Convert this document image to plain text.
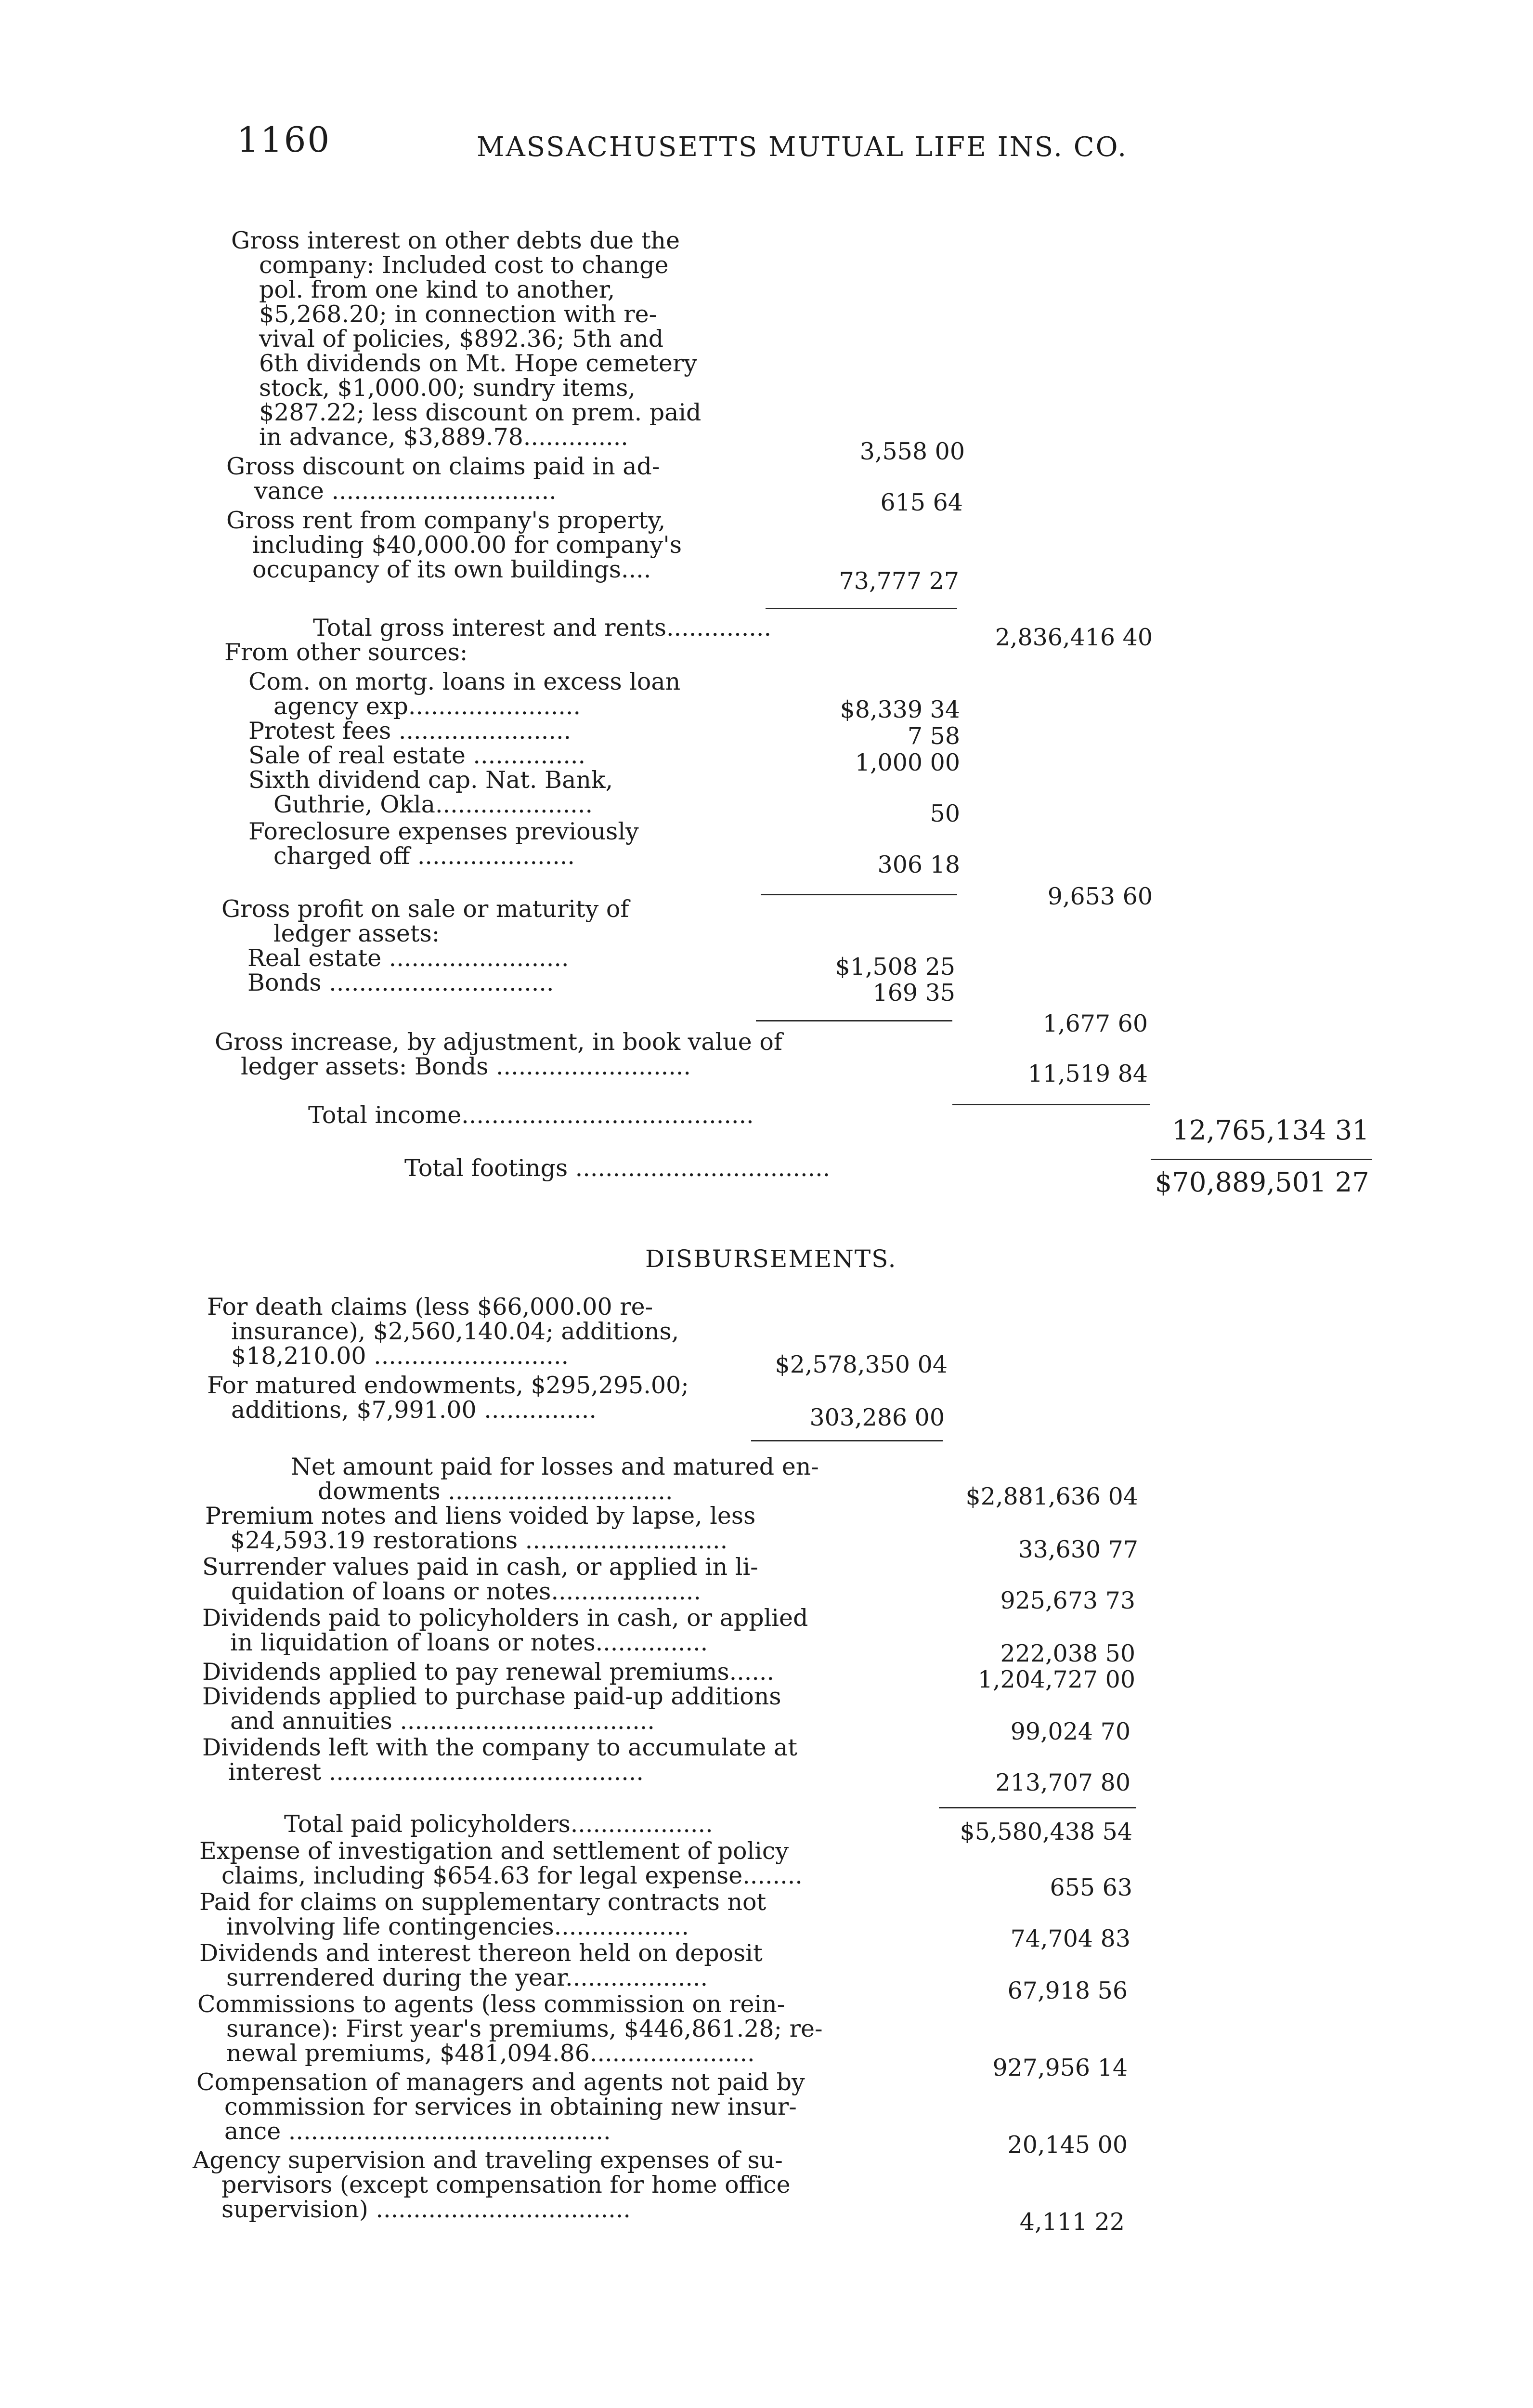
1160	MASSACHUSETTS MUTUAL LIFE INS. CO.
Gross interest on other debts due the
company: Included cost to change
pol. from one kind to another,
$5,268.20; in connection with re-
vival of policies, $892.36; 5th and
6th dividends on Mt. Hope cemetery
stock, $1,000.00; sundry items,
$287.22; less discount on prem. paid
in advance, $3,889.78..............
3,558 00
Gross discount on claims paid in ad-
vance ..............................	615 64
Gross rent from company's property,
including $40,000.00 for company's
occupancy of its own buildings....	73,777 27
Total gross interest and rents..............	2,836,416 40
From other sources:
Com. on mortg. loans in excess loan
agency exp.......................	$8,339 34
Protest fees .......................	7 58
Sale of real estate ...............	1,000 00
Sixth dividend cap. Nat. Bank,
Guthrie, Okla.....................	50
Foreclosure expenses previously
charged off .....................	306 18
9,653 60
Gross profit on sale or maturity of
ledger assets:
Real estate ........................	$1,508 25
Bonds ..............................	169 35
1,677 60
Gross increase, by adjustment, in book value of
ledger assets: Bonds ..........................	11,519 84
Total income.......................................	12,765,134 31
Total footings ..................................	$70,889,501 27
DISBURSEMENTS.
For death claims (less $66,000.00 re-
insurance), $2,560,140.04; additions,
$18,210.00 ..........................	$2,578,350 04
For matured endowments, $295,295.00;
additions, $7,991.00 ...............	303,286 00
Net amount paid for losses and matured en-
dowments ..............................	$2,881,636 04
Premium notes and liens voided by lapse, less
$24,593.19 restorations ...........................	33,630 77
Surrender values paid in cash, or applied in li-
quidation of loans or notes....................	925,673 73
Dividends paid to policyholders in cash, or applied
in liquidation of loans or notes...............	222,038 50
Dividends applied to pay renewal premiums......	1,204,727 00
Dividends applied to purchase paid-up additions
and annuities ..................................	99,024 70
Dividends left with the company to accumulate at
interest ..........................................	213,707 80
Total paid policyholders...................	$5,580,438 54
Expense of investigation and settlement of policy
claims, including $654.63 for legal expense........	655 63
Paid for claims on supplementary contracts not
involving life contingencies..................	74,704 83
Dividends and interest thereon held on deposit
surrendered during the year...................	67,918 56
Commissions to agents (less commission on rein-
surance): First year's premiums, $446,861.28; re-
newal premiums, $481,094.86......................
927,956 14
Compensation of managers and agents not paid by
commission for services in obtaining new insur-
ance ...........................................	20,145 00
Agency supervision and traveling expenses of su-
pervisors (except compensation for home office
supervision) ..................................	4,111 22
